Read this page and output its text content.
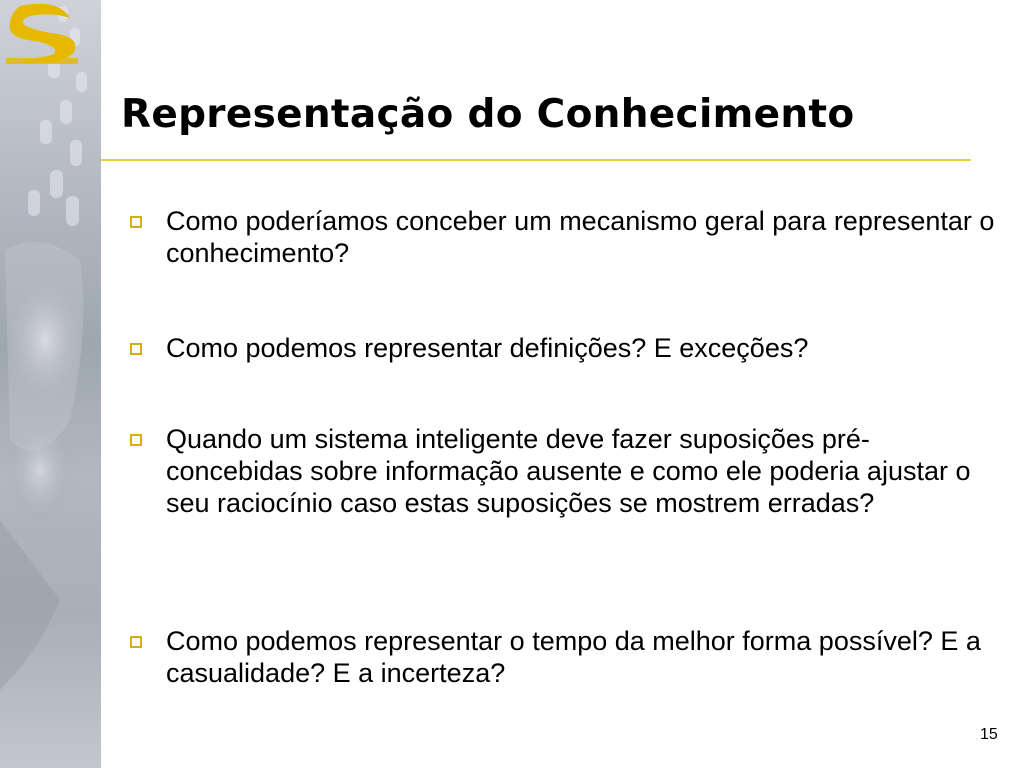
Representação do Conhecimento
Como poderíamos conceber um mecanismo geral para representar o conhecimento?
Como podemos representar definições? E exceções?
Quando um sistema inteligente deve fazer suposições pré-concebidas sobre informação ausente e como ele poderia ajustar o seu raciocínio caso estas suposições se mostrem erradas?
Como podemos representar o tempo da melhor forma possível? E a casualidade? E a incerteza?
15
